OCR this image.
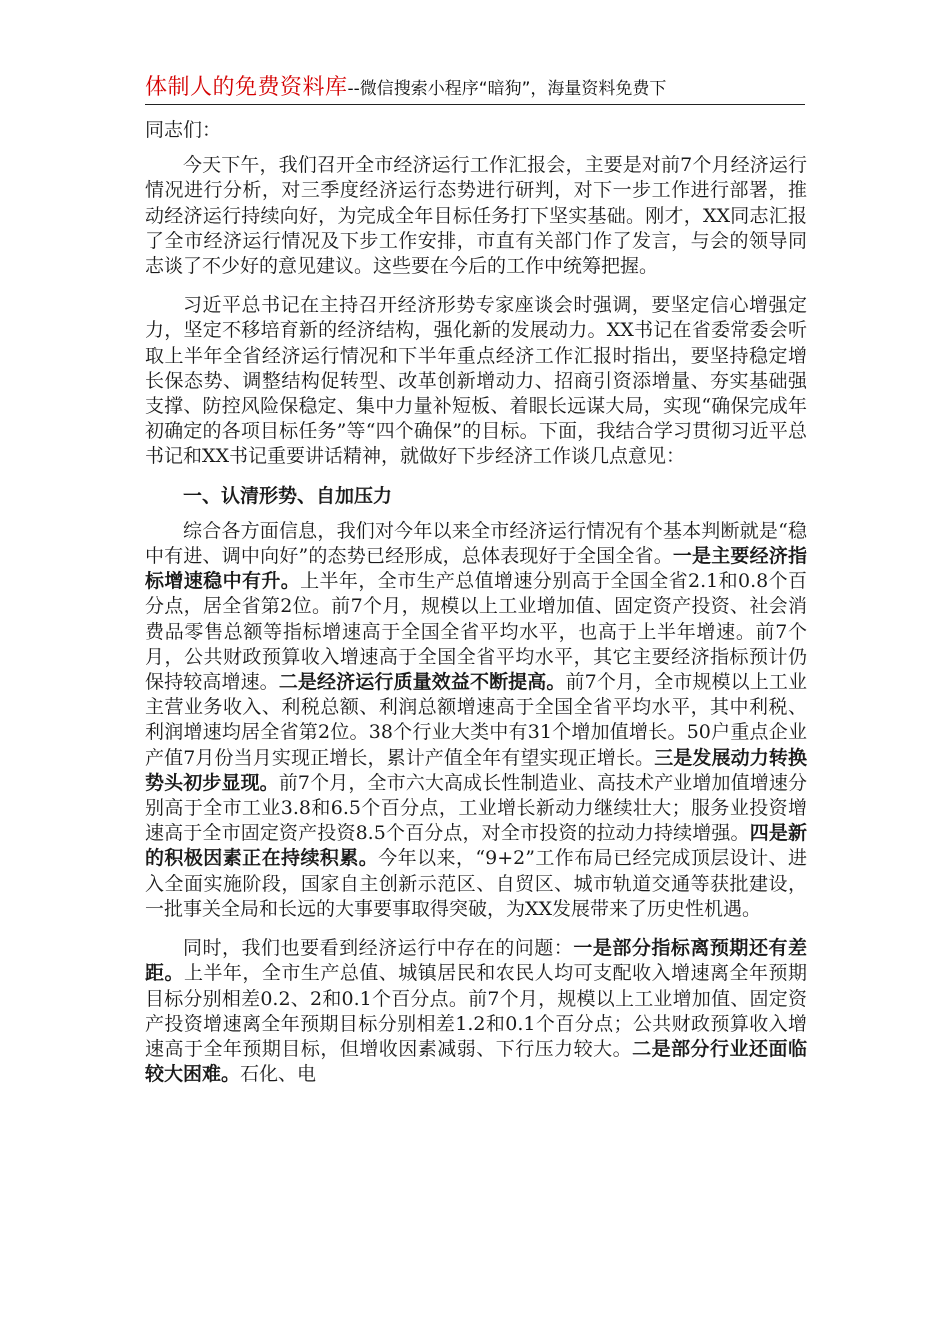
体制人的免费资料库--微信搜索小程序“暗狗”，海量资料免费下

同志们：

今天下午，我们召开全市经济运行工作汇报会，主要是对前7个月经济运行情况进行分析，对三季度经济运行态势进行研判，对下一步工作进行部署，推动经济运行持续向好，为完成全年目标任务打下坚实基础。刚才，XX同志汇报了全市经济运行情况及下步工作安排，市直有关部门作了发言，与会的领导同志谈了不少好的意见建议。这些要在今后的工作中统筹把握。

习近平总书记在主持召开经济形势专家座谈会时强调，要坚定信心增强定力，坚定不移培育新的经济结构，强化新的发展动力。XX书记在省委常委会听取上半年全省经济运行情况和下半年重点经济工作汇报时指出，要坚持稳定增长保态势、调整结构促转型、改革创新增动力、招商引资添增量、夯实基础强支撑、防控风险保稳定、集中力量补短板、着眼长远谋大局，实现“确保完成年初确定的各项目标任务”等“四个确保”的目标。下面，我结合学习贯彻习近平总书记和XX书记重要讲话精神，就做好下步经济工作谈几点意见：

一、认清形势、自加压力

综合各方面信息，我们对今年以来全市经济运行情况有个基本判断就是“稳中有进、调中向好”的态势已经形成，总体表现好于全国全省。一是主要经济指标增速稳中有升。上半年，全市生产总值增速分别高于全国全省2.1和0.8个百分点，居全省第2位。前7个月，规模以上工业增加值、固定资产投资、社会消费品零售总额等指标增速高于全国全省平均水平，也高于上半年增速。前7个月，公共财政预算收入增速高于全国全省平均水平，其它主要经济指标预计仍保持较高增速。二是经济运行质量效益不断提高。前7个月，全市规模以上工业主营业务收入、利税总额、利润总额增速高于全国全省平均水平，其中利税、利润增速均居全省第2位。38个行业大类中有31个增加值增长。50户重点企业产值7月份当月实现正增长，累计产值全年有望实现正增长。三是发展动力转换势头初步显现。前7个月，全市六大高成长性制造业、高技术产业增加值增速分别高于全市工业3.8和6.5个百分点，工业增长新动力继续壮大；服务业投资增速高于全市固定资产投资8.5个百分点，对全市投资的拉动力持续增强。四是新的积极因素正在持续积累。今年以来，“9+2”工作布局已经完成顶层设计、进入全面实施阶段，国家自主创新示范区、自贸区、城市轨道交通等获批建设，一批事关全局和长远的大事要事取得突破，为XX发展带来了历史性机遇。

同时，我们也要看到经济运行中存在的问题：一是部分指标离预期还有差距。上半年，全市生产总值、城镇居民和农民人均可支配收入增速离全年预期目标分别相差0.2、2和0.1个百分点。前7个月，规模以上工业增加值、固定资产投资增速离全年预期目标分别相差1.2和0.1个百分点；公共财政预算收入增速高于全年预期目标，但增收因素减弱、下行压力较大。二是部分行业还面临较大困难。石化、电
